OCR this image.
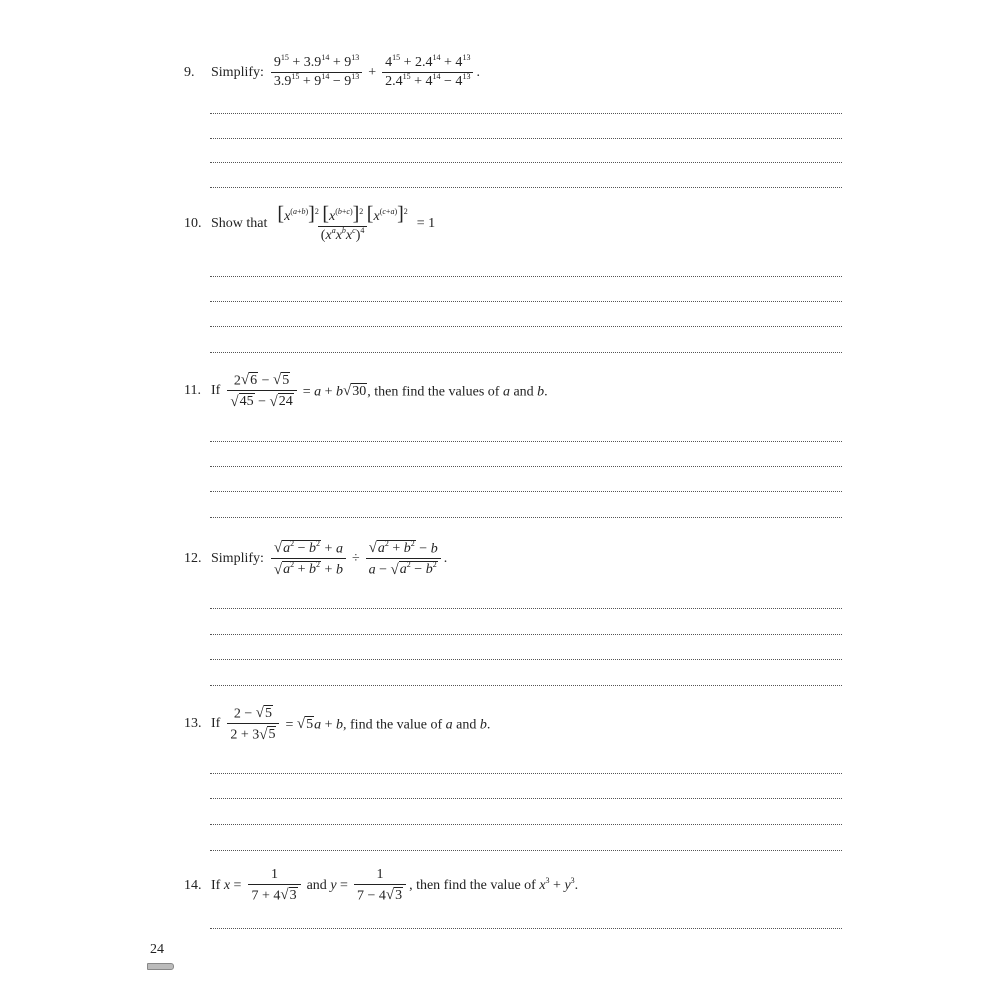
9.	Simplify: $\frac{9^{15} + 3.9^{14} + 9^{13}}{3.9^{15} + 9^{14} - 9^{13}} + \frac{4^{15} + 2.4^{14} + 4^{13}}{2.4^{15} + 4^{14} - 4^{13}}$ .
10. Show that $\frac{[x^{(a+b)}]^2 [x^{(b+c)}]^2 [x^{(c+a)}]^2}{(x^ax^bx^c)^4} = 1$
11. If $\frac{2 √ 6 - √ 5}{√ 45 - √ 24} = a + b$ √ 30 , then find the values of a and b.
12. Simplify: $\frac{√ a^2 - b^2 + a}{√ a^2 + b^2 + b} \div \frac{√ a^2 + b^2 - b}{a - √ a^2 - b^2}$ .
13. If $\frac{2 - √ 5}{2 + 3 √ 5}$ = √ 5 a + b, find the value of a and b.
14. If $x = \frac{1}{7 + 4 √ 3}$ and $y = \frac{1}{7 - 4 √ 3}$ , then find the value of $x^3 + y^3$.
24
